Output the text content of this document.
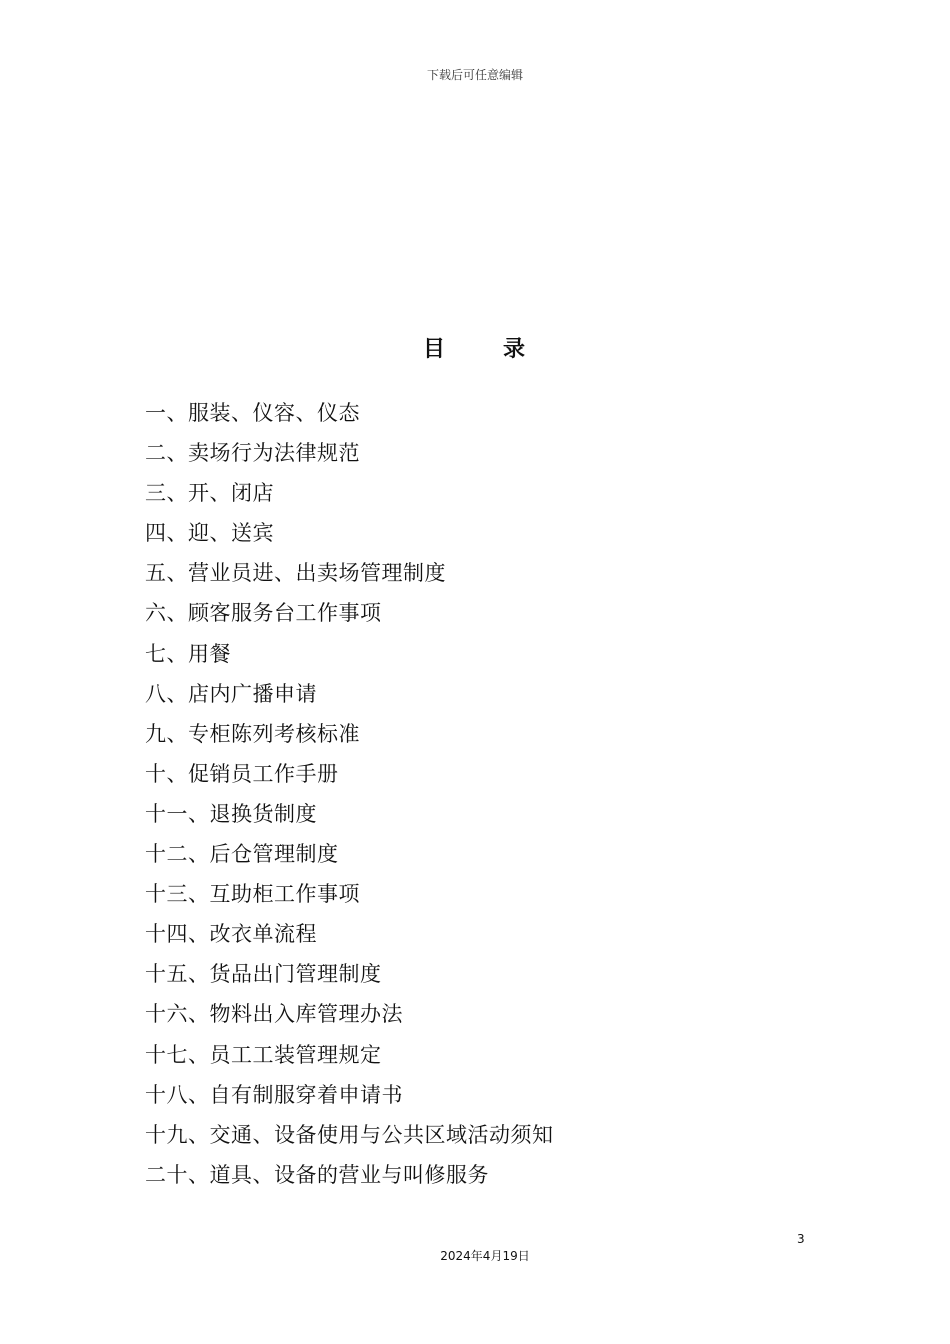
下载后可任意编辑
目	录
一、服装、仪容、仪态
二、卖场行为法律规范
三、开、闭店
四、迎、送宾
五、营业员进、出卖场管理制度
六、顾客服务台工作事项
七、用餐
八、店内广播申请
九、专柜陈列考核标准
十、促销员工作手册
十一、退换货制度
十二、后仓管理制度
十三、互助柜工作事项
十四、改衣单流程
十五、货品出门管理制度
十六、物料出入库管理办法
十七、员工工装管理规定
十八、自有制服穿着申请书
十九、交通、设备使用与公共区域活动须知
二十、道具、设备的营业与叫修服务
3
2024年4月19日
